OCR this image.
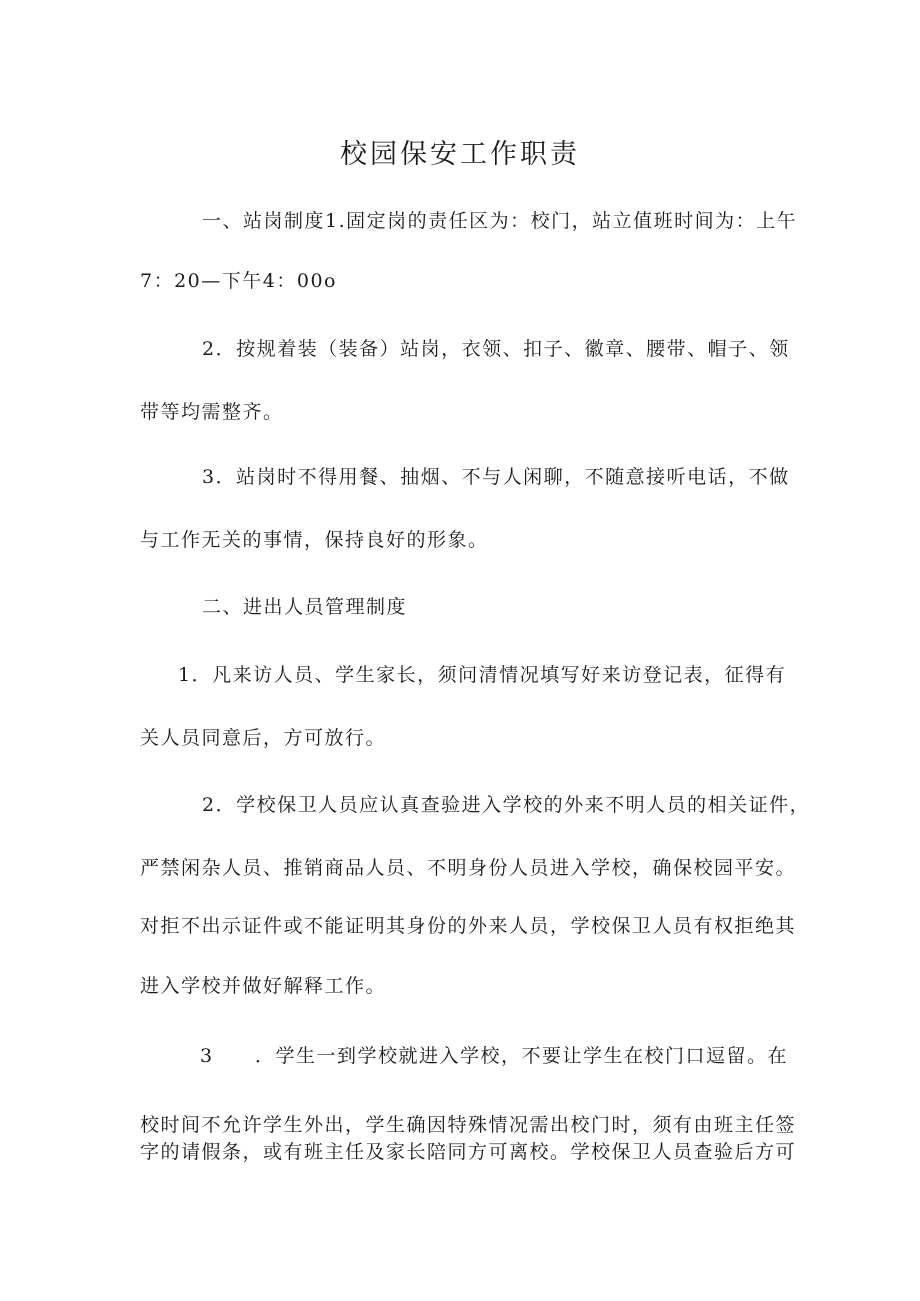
校园保安工作职责
一、站岗制度1.固定岗的责任区为：校门，站立值班时间为：上午
7：20—下午4：00o
2．按规着装（装备）站岗，衣领、扣子、徽章、腰带、帽子、领
带等均需整齐。
3．站岗时不得用餐、抽烟、不与人闲聊，不随意接听电话，不做
与工作无关的事情，保持良好的形象。
二、进出人员管理制度
1．凡来访人员、学生家长，须问清情况填写好来访登记表，征得有
关人员同意后，方可放行。
2．学校保卫人员应认真查验进入学校的外来不明人员的相关证件，
严禁闲杂人员、推销商品人员、不明身份人员进入学校，确保校园平安。
对拒不出示证件或不能证明其身份的外来人员，学校保卫人员有权拒绝其
进入学校并做好解释工作。
3 ．学生一到学校就进入学校，不要让学生在校门口逗留。在
校时间不允许学生外出，学生确因特殊情况需出校门时，须有由班主任签
字的请假条，或有班主任及家长陪同方可离校。学校保卫人员查验后方可
